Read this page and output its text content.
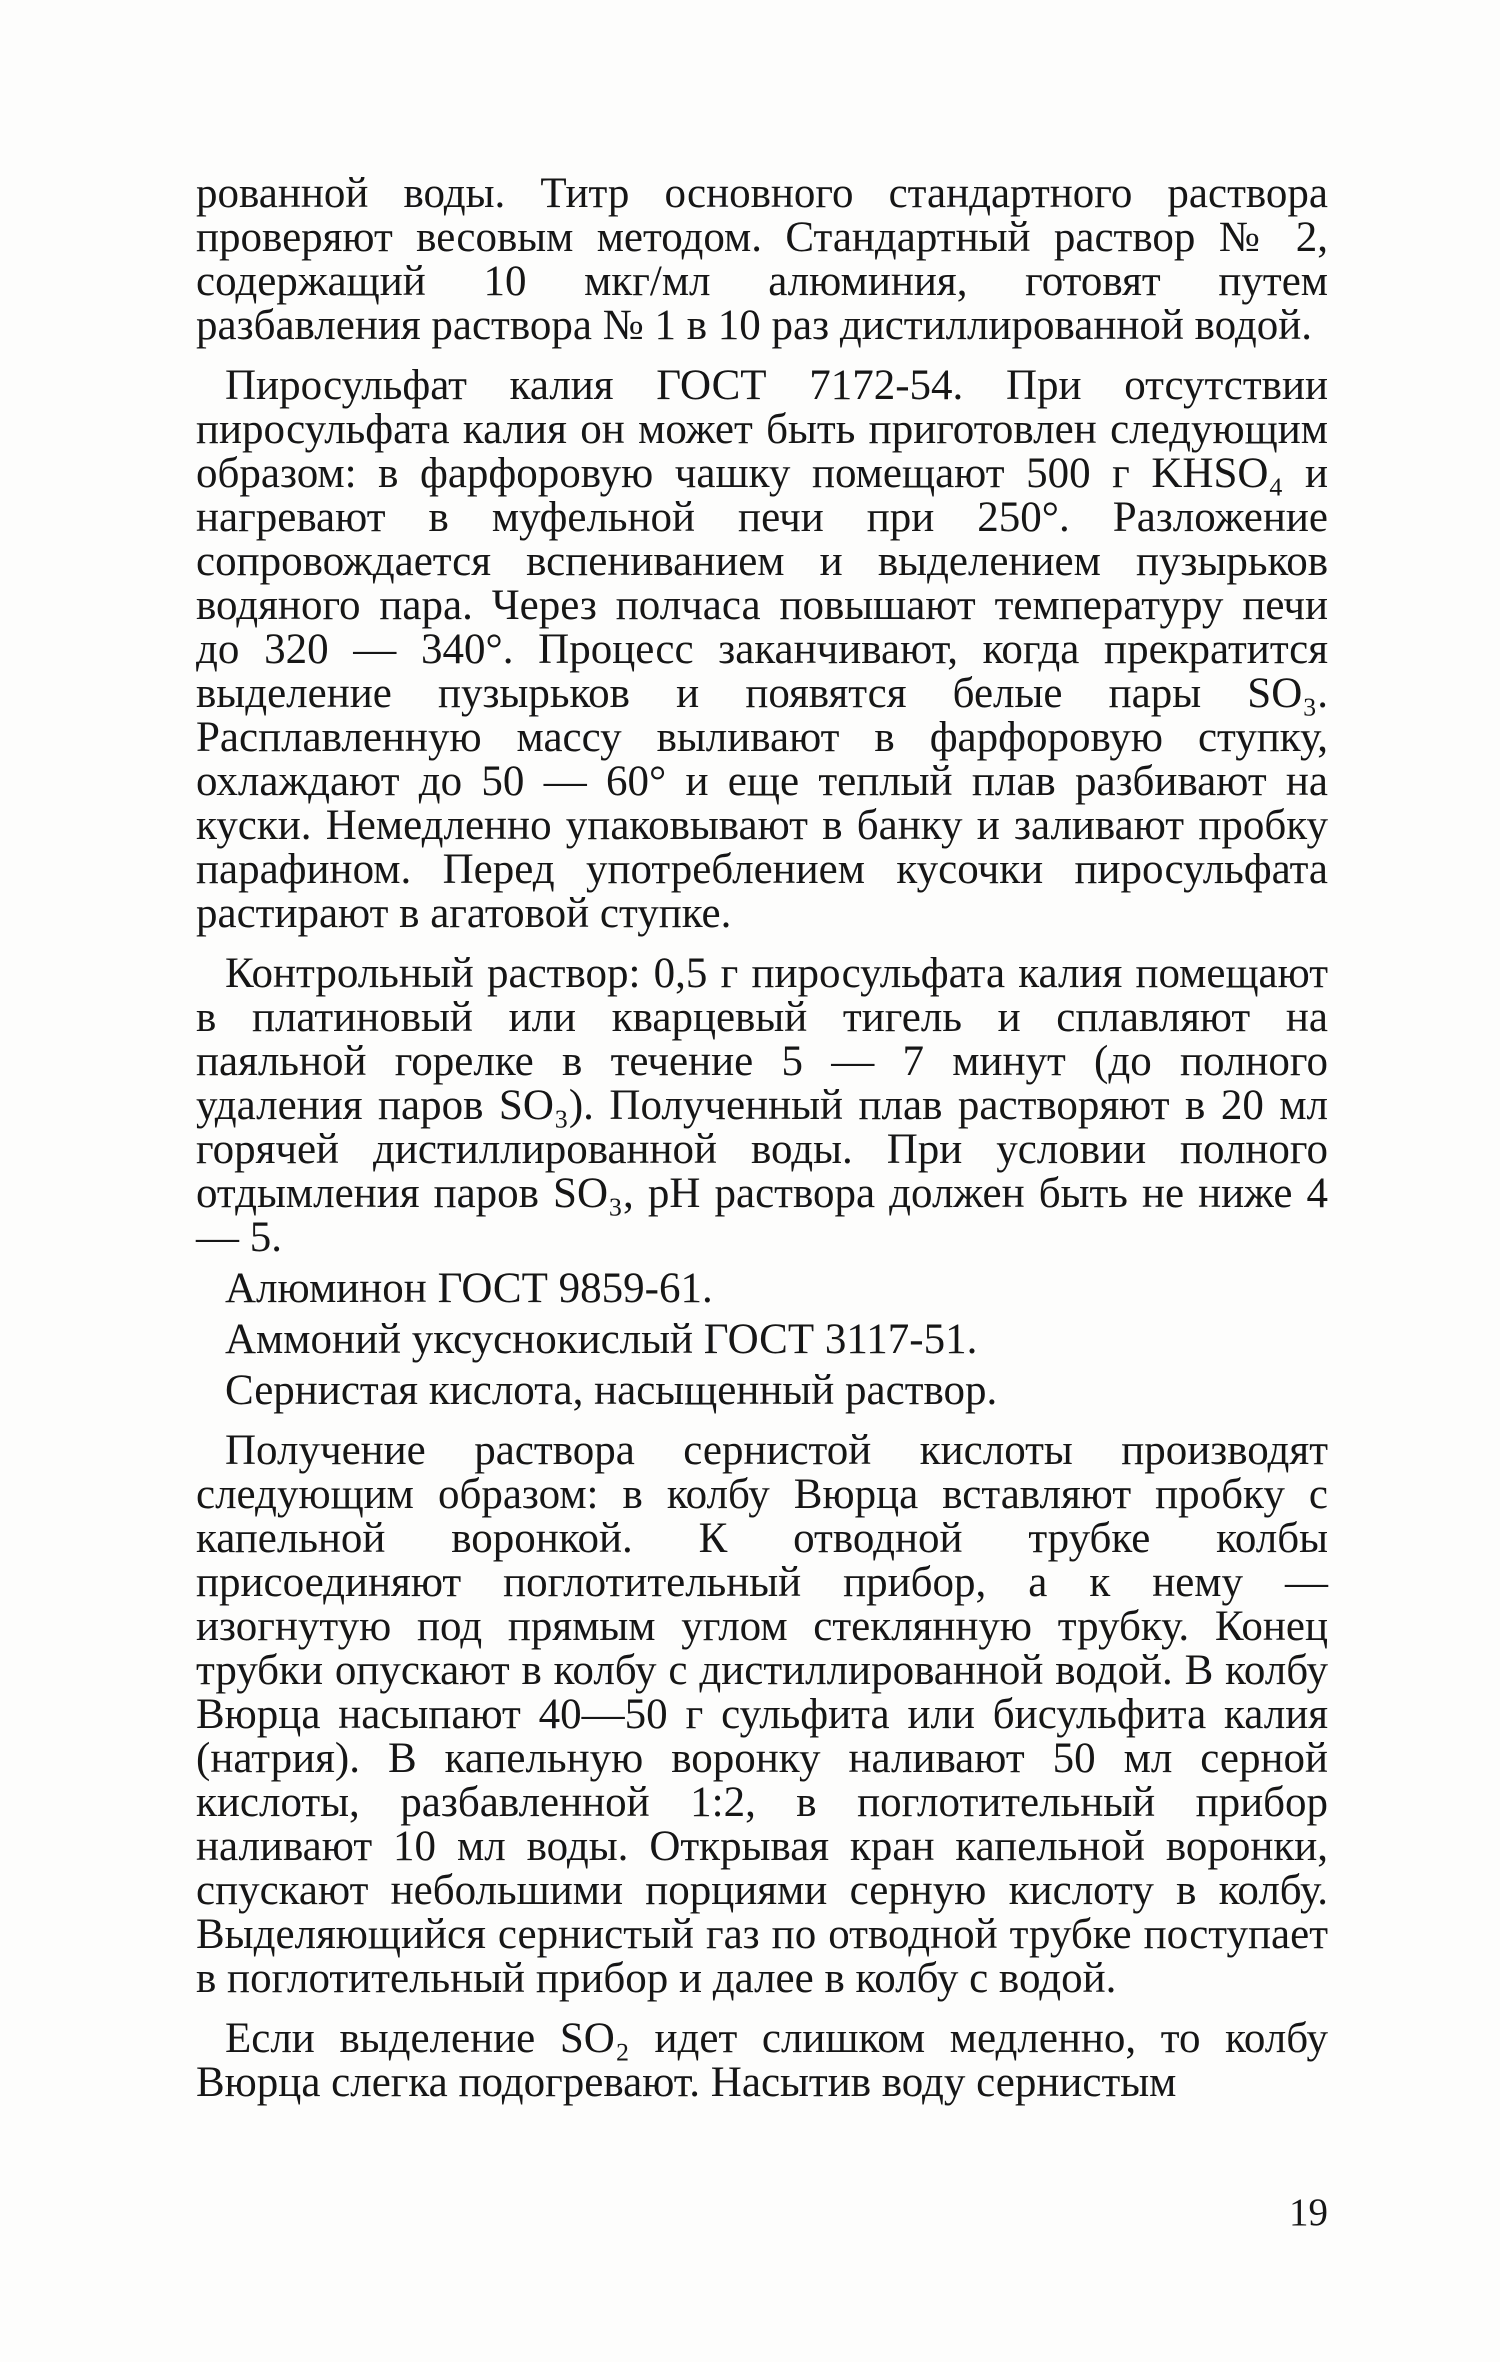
рованной воды. Титр основного стандартного раствора проверяют весовым методом. Стандартный раствор № 2, содержащий 10 мкг/мл алюминия, готовят путем разбавления раствора № 1 в 10 раз дистиллированной водой.

Пиросульфат калия ГОСТ 7172-54. При отсутствии пиросульфата калия он может быть приготовлен следующим образом: в фарфоровую чашку помещают 500 г KHSO₄ и нагревают в муфельной печи при 250°. Разложение сопровождается вспениванием и выделением пузырьков водяного пара. Через полчаса повышают температуру печи до 320 — 340°. Процесс заканчивают, когда прекратится выделение пузырьков и появятся белые пары SO₃. Расплавленную массу выливают в фарфоровую ступку, охлаждают до 50 — 60° и еще теплый плав разбивают на куски. Немедленно упаковывают в банку и заливают пробку парафином. Перед употреблением кусочки пиросульфата растирают в агатовой ступке.

Контрольный раствор: 0,5 г пиросульфата калия помещают в платиновый или кварцевый тигель и сплавляют на паяльной горелке в течение 5 — 7 минут (до полного удаления паров SO₃). Полученный плав растворяют в 20 мл горячей дистиллированной воды. При условии полного отдымления паров SO₃, pH раствора должен быть не ниже 4 — 5.

Алюминон ГОСТ 9859-61.

Аммоний уксуснокислый ГОСТ 3117-51.

Сернистая кислота, насыщенный раствор.

Получение раствора сернистой кислоты производят следующим образом: в колбу Вюрца вставляют пробку с капельной воронкой. К отводной трубке колбы присоединяют поглотительный прибор, а к нему — изогнутую под прямым углом стеклянную трубку. Конец трубки опускают в колбу с дистиллированной водой. В колбу Вюрца насыпают 40—50 г сульфита или бисульфита калия (натрия). В капельную воронку наливают 50 мл серной кислоты, разбавленной 1:2, в поглотительный прибор наливают 10 мл воды. Открывая кран капельной воронки, спускают небольшими порциями серную кислоту в колбу. Выделяющийся сернистый газ по отводной трубке поступает в поглотительный прибор и далее в колбу с водой.

Если выделение SO₂ идет слишком медленно, то колбу Вюрца слегка подогревают. Насытив воду сернистым

19
